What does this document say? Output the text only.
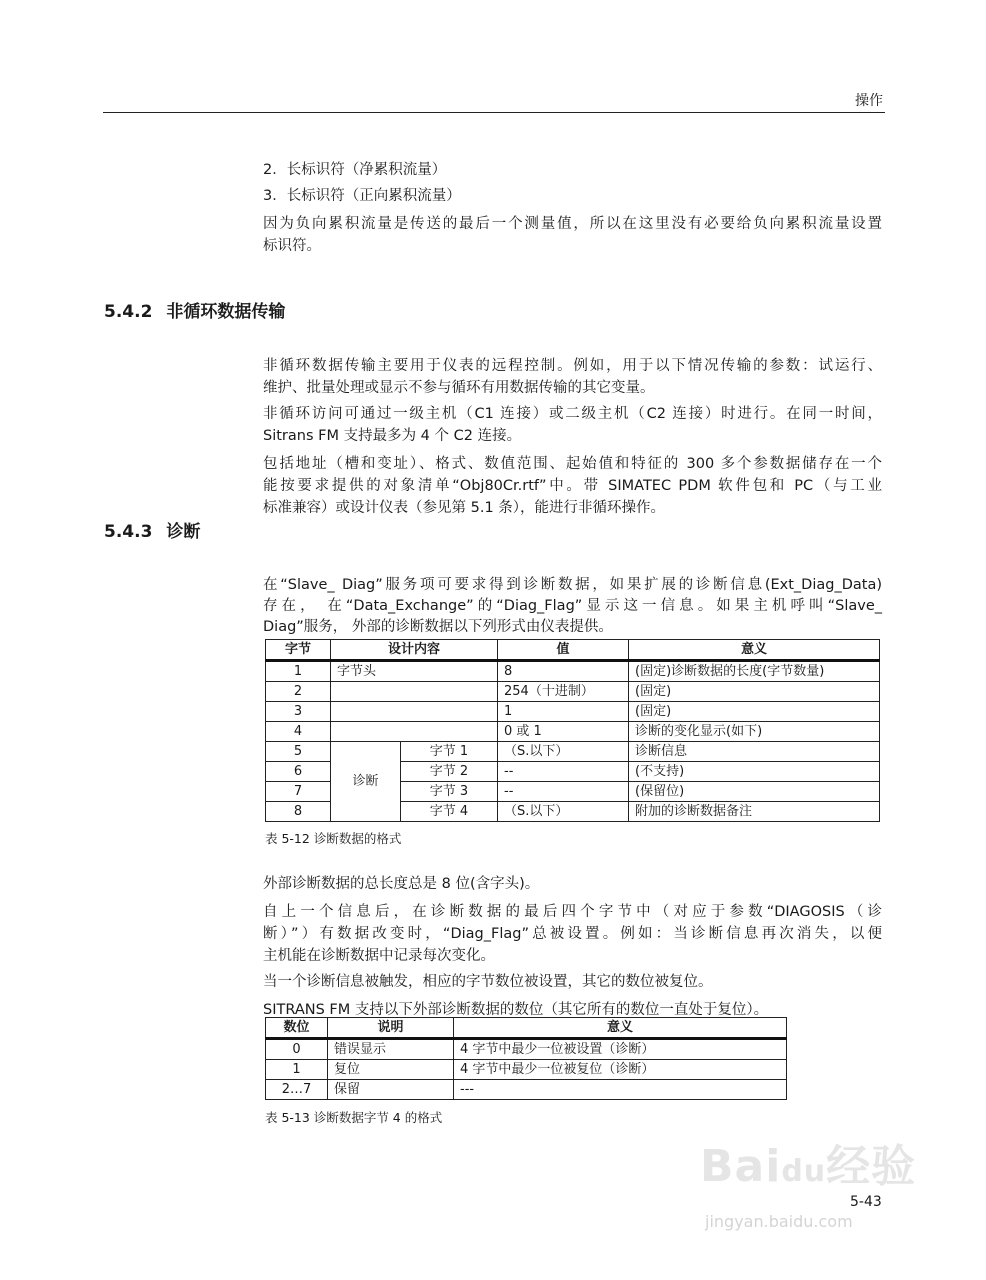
操作
2．长标识符（净累积流量）
3．长标识符（正向累积流量）
因为负向累积流量是传送的最后一个测量值，所以在这里没有必要给负向累积流量设置
标识符。
5.4.2 非循环数据传输
非循环数据传输主要用于仪表的远程控制。例如，用于以下情况传输的参数：试运行、
维护、批量处理或显示不参与循环有用数据传输的其它变量。
非循环访问可通过一级主机（C1 连接）或二级主机（C2 连接）时进行。在同一时间，
Sitrans FM 支持最多为 4 个 C2 连接。
包括地址（槽和变址）、格式、数值范围、起始值和特征的 300 多个参数据储存在一个
能按要求提供的对象清单“Obj80Cr.rtf”中。带 SIMATEC PDM 软件包和 PC（与工业
标准兼容）或设计仪表（参见第 5.1 条），能进行非循环操作。
5.4.3 诊断
在“Slave_ Diag”服务项可要求得到诊断数据，如果扩展的诊断信息(Ext_Diag_Data)
存在， 在“Data_Exchange”的“Diag_Flag”显示这一信息。如果主机呼叫“Slave_
Diag”服务， 外部的诊断数据以下列形式由仪表提供。
字节	设计内容		值	意义
1	字节头		8	(固定)诊断数据的长度(字节数量)
2			254（十进制）	(固定)
3			1	(固定)
4			0 或 1	诊断的变化显示(如下)
5	诊断	字节 1	（S.以下）	诊断信息
6		字节 2	--	(不支持)
7		字节 3	--	(保留位)
8		字节 4	（S.以下）	附加的诊断数据备注
表 5-12 诊断数据的格式
外部诊断数据的总长度总是 8 位(含字头)。
自上一个信息后，在诊断数据的最后四个字节中（对应于参数“DIAGOSIS（诊
断）”）有数据改变时，“Diag_Flag”总被设置。例如：当诊断信息再次消失，以便
主机能在诊断数据中记录每次变化。
当一个诊断信息被触发，相应的字节数位被设置，其它的数位被复位。
SITRANS FM 支持以下外部诊断数据的数位（其它所有的数位一直处于复位）。
数位	说明	意义
0	错误显示	4 字节中最少一位被设置（诊断）
1	复位	4 字节中最少一位被复位（诊断）
2…7	保留	---
表 5-13 诊断数据字节 4 的格式
Baidu经验
jingyan.baidu.com
5-43
